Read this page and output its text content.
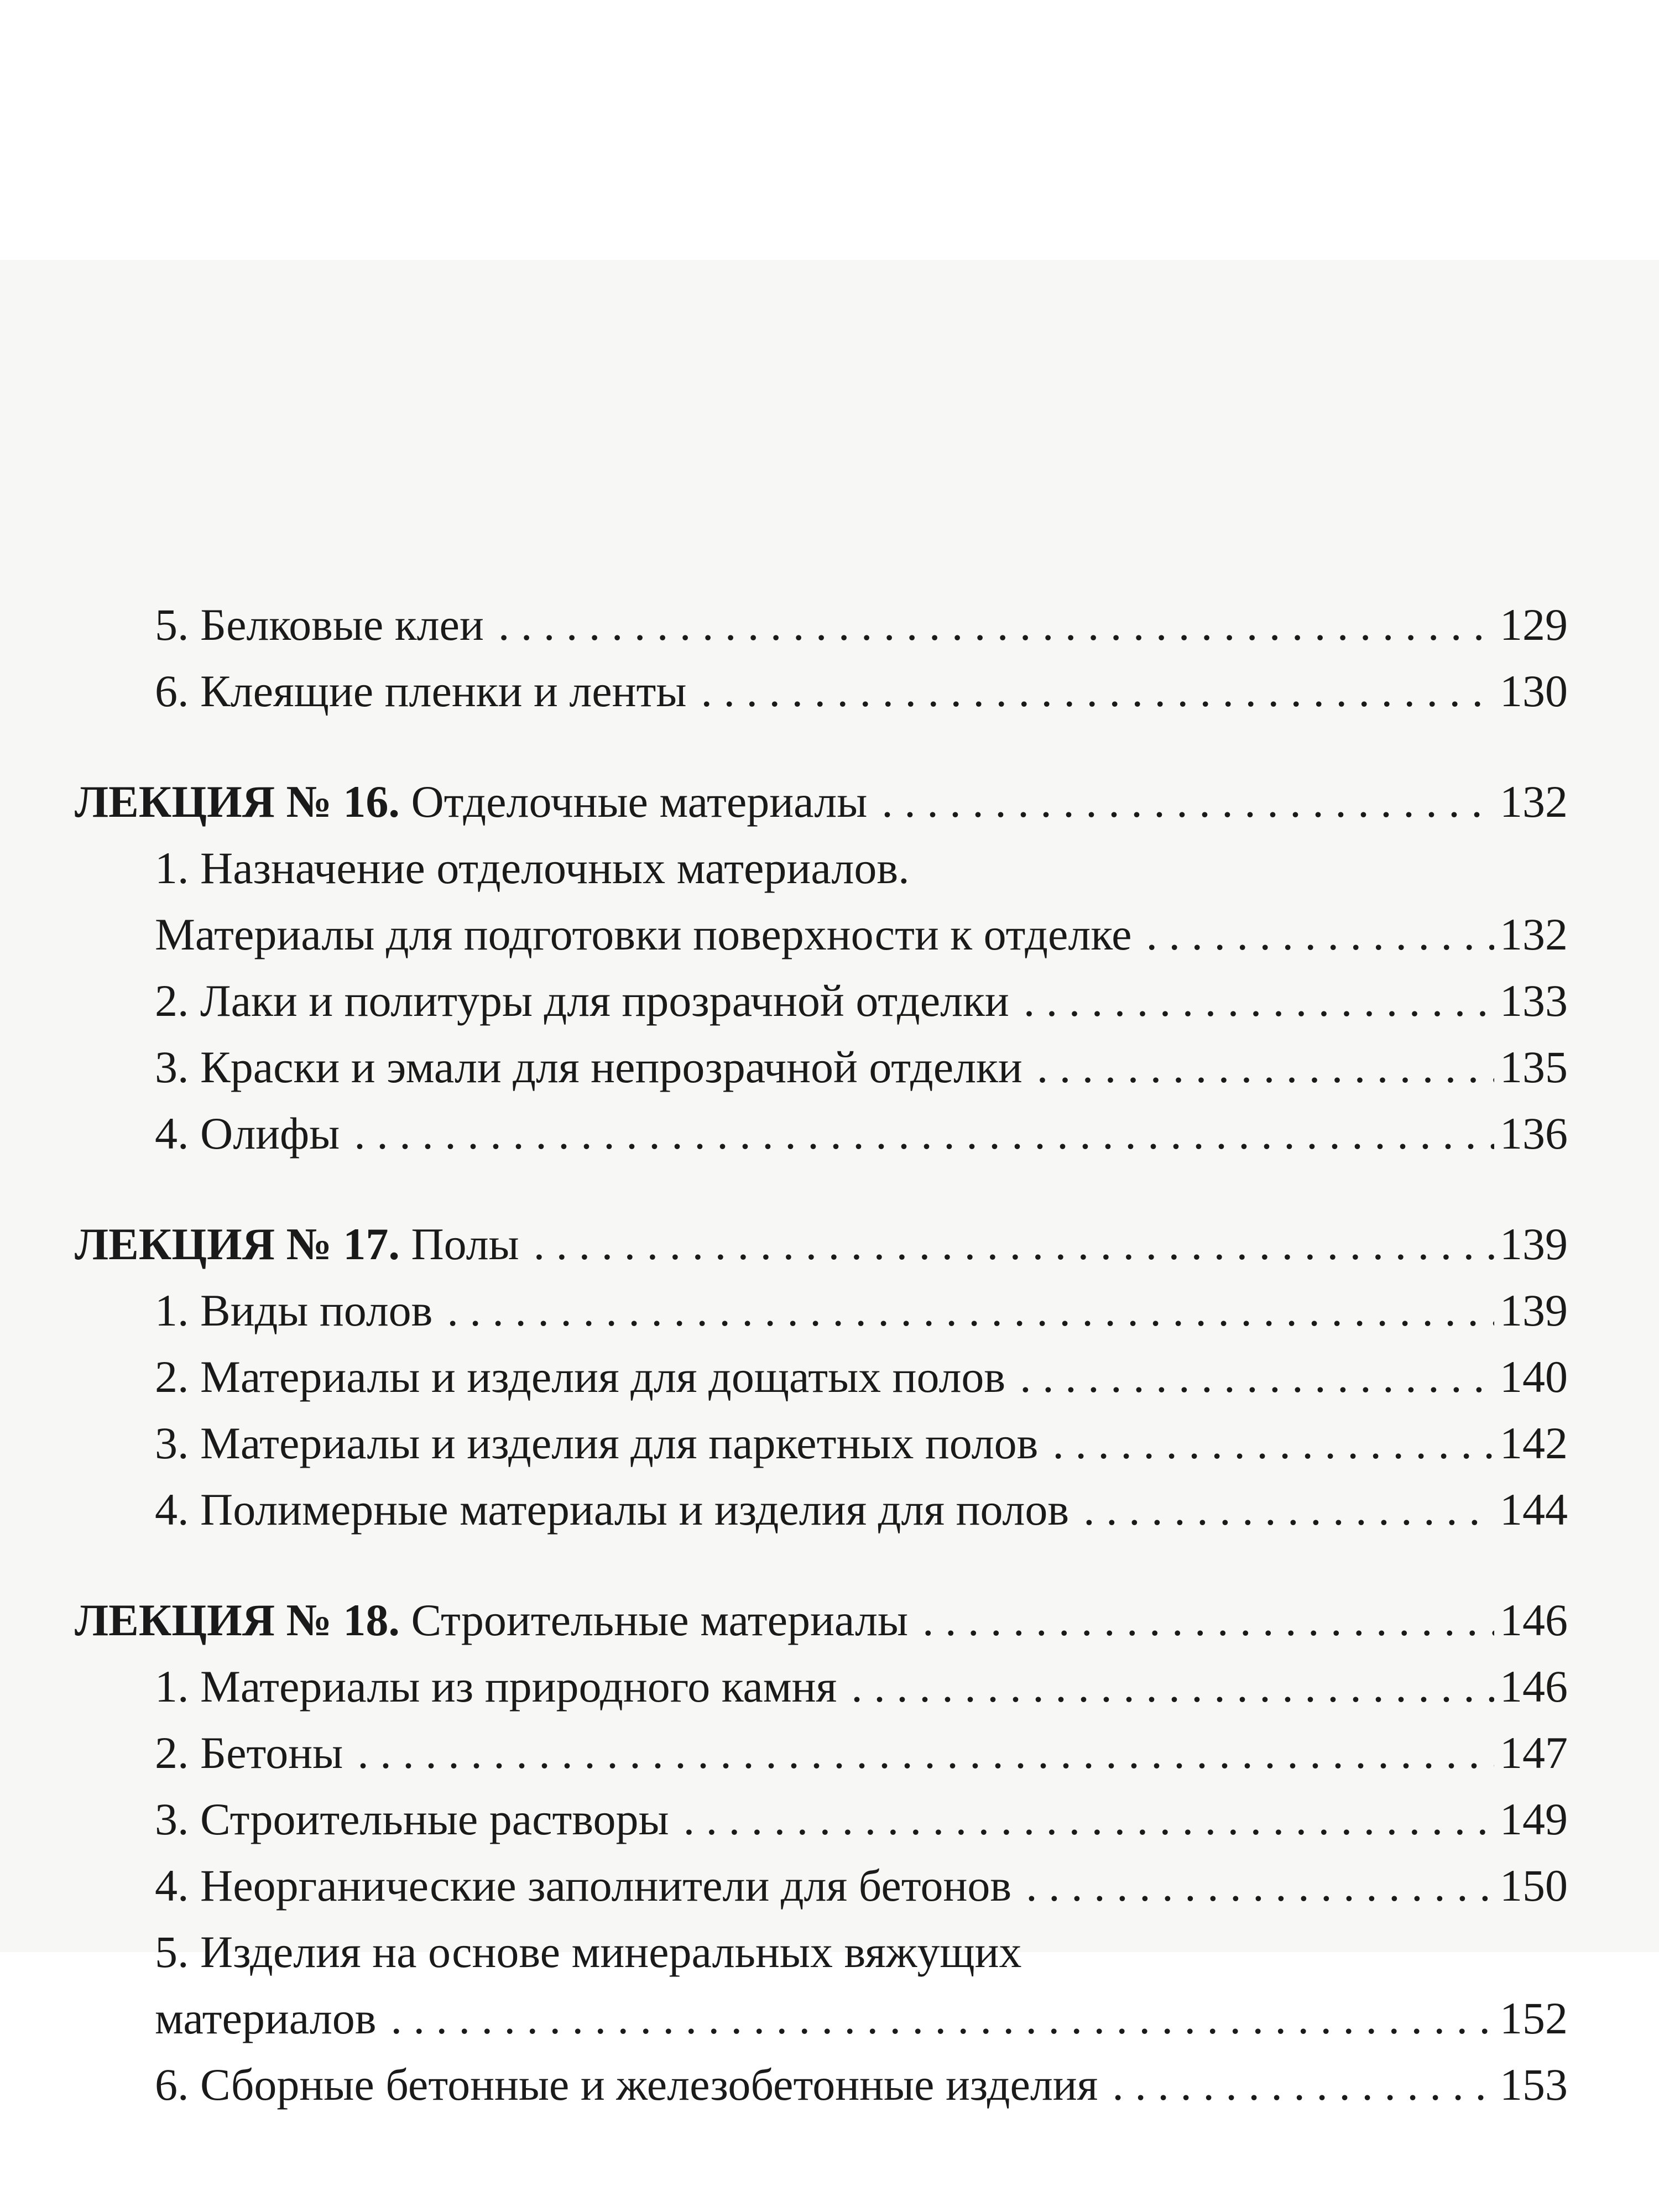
5. Белковые клеи . . .	129
6. Клеящие пленки и ленты . . .	130
ЛЕКЦИЯ № 16. Отделочные материалы . . .	132
1. Назначение отделочных материалов.
Материалы для подготовки поверхности к отделке . . .	132
2. Лаки и политуры для прозрачной отделки . . .	133
3. Краски и эмали для непрозрачной отделки . . .	135
4. Олифы . . .	136
ЛЕКЦИЯ № 17. Полы . . .	139
1. Виды полов . . .	139
2. Материалы и изделия для дощатых полов . . .	140
3. Материалы и изделия для паркетных полов . . .	142
4. Полимерные материалы и изделия для полов . . .	144
ЛЕКЦИЯ № 18. Строительные материалы . . .	146
1. Материалы из природного камня . . .	146
2. Бетоны . . .	147
3. Строительные растворы . . .	149
4. Неорганические заполнители для бетонов . . .	150
5. Изделия на основе минеральных вяжущих
материалов . . .	152
6. Сборные бетонные и железобетонные изделия . . .	153
